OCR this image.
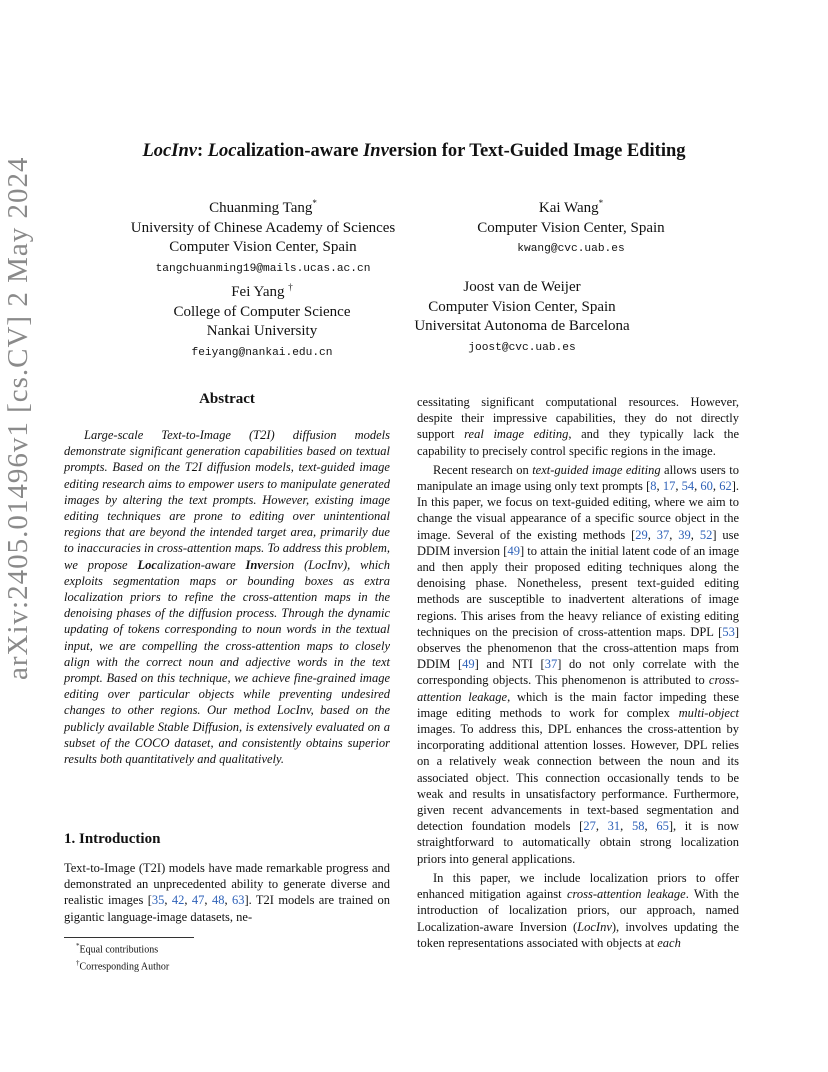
arXiv:2405.01496v1 [cs.CV] 2 May 2024
LocInv: Localization-aware Inversion for Text-Guided Image Editing
Chuanming Tang*
University of Chinese Academy of Sciences
Computer Vision Center, Spain
tangchuanming19@mails.ucas.ac.cn
Kai Wang*
Computer Vision Center, Spain
kwang@cvc.uab.es
Fei Yang †
College of Computer Science
Nankai University
feiyang@nankai.edu.cn
Joost van de Weijer
Computer Vision Center, Spain
Universitat Autonoma de Barcelona
joost@cvc.uab.es
Abstract
Large-scale Text-to-Image (T2I) diffusion models demonstrate significant generation capabilities based on textual prompts. Based on the T2I diffusion models, text-guided image editing research aims to empower users to manipulate generated images by altering the text prompts. However, existing image editing techniques are prone to editing over unintentional regions that are beyond the intended target area, primarily due to inaccuracies in cross-attention maps. To address this problem, we propose Localization-aware Inversion (LocInv), which exploits segmentation maps or bounding boxes as extra localization priors to refine the cross-attention maps in the denoising phases of the diffusion process. Through the dynamic updating of tokens corresponding to noun words in the textual input, we are compelling the cross-attention maps to closely align with the correct noun and adjective words in the text prompt. Based on this technique, we achieve fine-grained image editing over particular objects while preventing undesired changes to other regions. Our method LocInv, based on the publicly available Stable Diffusion, is extensively evaluated on a subset of the COCO dataset, and consistently obtains superior results both quantitatively and qualitatively.
1. Introduction
Text-to-Image (T2I) models have made remarkable progress and demonstrated an unprecedented ability to generate diverse and realistic images [35, 42, 47, 48, 63]. T2I models are trained on gigantic language-image datasets, ne-

cessitating significant computational resources. However, despite their impressive capabilities, they do not directly support real image editing, and they typically lack the capability to precisely control specific regions in the image.

Recent research on text-guided image editing allows users to manipulate an image using only text prompts [8, 17, 54, 60, 62]. In this paper, we focus on text-guided editing, where we aim to change the visual appearance of a specific source object in the image. Several of the existing methods [29, 37, 39, 52] use DDIM inversion [49] to attain the initial latent code of an image and then apply their proposed editing techniques along the denoising phase. Nonetheless, present text-guided editing methods are susceptible to inadvertent alterations of image regions. This arises from the heavy reliance of existing editing techniques on the precision of cross-attention maps. DPL [53] observes the phenomenon that the cross-attention maps from DDIM [49] and NTI [37] do not only correlate with the corresponding objects. This phenomenon is attributed to cross-attention leakage, which is the main factor impeding these image editing methods to work for complex multi-object images. To address this, DPL enhances the cross-attention by incorporating additional attention losses. However, DPL relies on a relatively weak connection between the noun and its associated object. This connection occasionally tends to be weak and results in unsatisfactory performance. Furthermore, given recent advancements in text-based segmentation and detection foundation models [27, 31, 58, 65], it is now straightforward to automatically obtain strong localization priors into general applications.

In this paper, we include localization priors to offer enhanced mitigation against cross-attention leakage. With the introduction of localization priors, our approach, named Localization-aware Inversion (LocInv), involves updating the token representations associated with objects at each

*Equal contributions
†Corresponding Author
